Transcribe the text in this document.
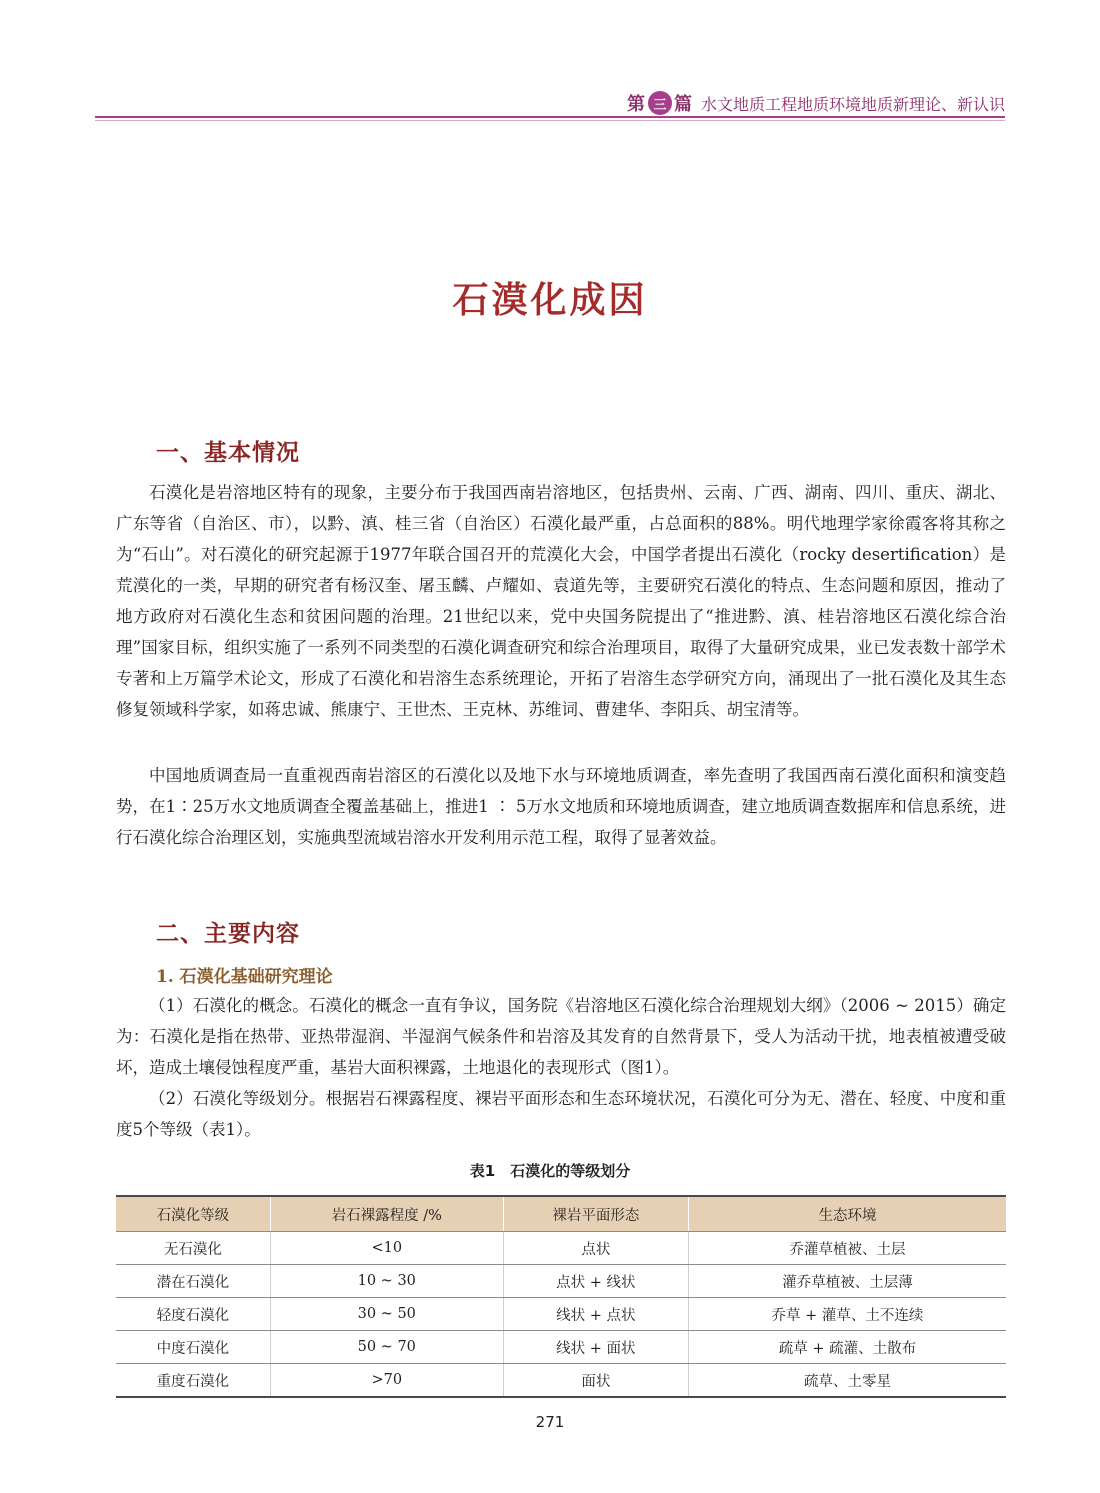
第 三 篇 水文地质工程地质环境地质新理论、新认识
石漠化成因
一、基本情况

石漠化是岩溶地区特有的现象，主要分布于我国西南岩溶地区，包括贵州、云南、广西、湖南、四川、重庆、湖北、广东等省（自治区、市），以黔、滇、桂三省（自治区）石漠化最严重，占总面积的88%。明代地理学家徐霞客将其称之为“石山”。对石漠化的研究起源于1977年联合国召开的荒漠化大会，中国学者提出石漠化（rocky desertification）是荒漠化的一类，早期的研究者有杨汉奎、屠玉麟、卢耀如、袁道先等，主要研究石漠化的特点、生态问题和原因，推动了地方政府对石漠化生态和贫困问题的治理。21世纪以来，党中央国务院提出了“推进黔、滇、桂岩溶地区石漠化综合治理”国家目标，组织实施了一系列不同类型的石漠化调查研究和综合治理项目，取得了大量研究成果，业已发表数十部学术专著和上万篇学术论文，形成了石漠化和岩溶生态系统理论，开拓了岩溶生态学研究方向，涌现出了一批石漠化及其生态修复领域科学家，如蒋忠诚、熊康宁、王世杰、王克林、苏维词、曹建华、李阳兵、胡宝清等。

中国地质调查局一直重视西南岩溶区的石漠化以及地下水与环境地质调查，率先查明了我国西南石漠化面积和演变趋势，在1∶25万水文地质调查全覆盖基础上，推进1 ∶ 5万水文地质和环境地质调查，建立地质调查数据库和信息系统，进行石漠化综合治理区划，实施典型流域岩溶水开发利用示范工程，取得了显著效益。

二、主要内容
1. 石漠化基础研究理论

（1）石漠化的概念。石漠化的概念一直有争议，国务院《岩溶地区石漠化综合治理规划大纲》（2006 ~ 2015）确定为：石漠化是指在热带、亚热带湿润、半湿润气候条件和岩溶及其发育的自然背景下，受人为活动干扰，地表植被遭受破坏，造成土壤侵蚀程度严重，基岩大面积裸露，土地退化的表现形式（图1）。

（2）石漠化等级划分。根据岩石裸露程度、裸岩平面形态和生态环境状况，石漠化可分为无、潜在、轻度、中度和重度5个等级（表1）。

表1　石漠化的等级划分
石漠化等级	岩石裸露程度 /%	裸岩平面形态	生态环境
无石漠化	<10	点状	乔灌草植被、土层
潜在石漠化	10 ~ 30	点状 + 线状	灌乔草植被、土层薄
轻度石漠化	30 ~ 50	线状 + 点状	乔草 + 灌草、土不连续
中度石漠化	50 ~ 70	线状 + 面状	疏草 + 疏灌、土散布
重度石漠化	>70	面状	疏草、土零星
271
